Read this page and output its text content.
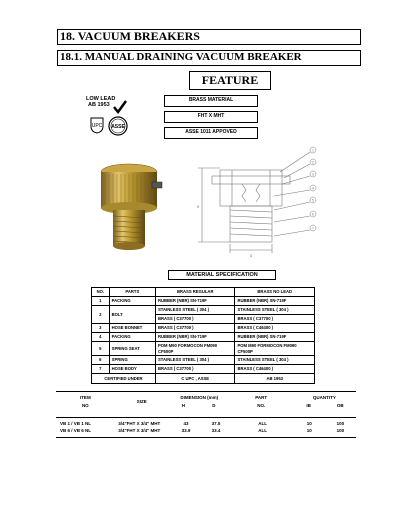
18. VACUUM BREAKERS
18.1. MANUAL DRAINING VACUUM BREAKER
FEATURE
BRASS MATERIAL
FHT X MHT
ASSE 1011 APPOVED
LOW LEAD
AB 1953
UPC ASSE
1
2
3
4
5
6
7
H
D
MATERIAL SPECIFICATION
NO.	PARTS	BRASS REGULAR	BRASS NO LEAD
1	PACKING	RUBBER (NBR) SN-719F	RUBBER (NBR) SN-719F
2	BOLT	STAINLESS STEEL ( 304 )	STAINLESS STEEL ( 304 )
		BRASS ( C37700 )	BRASS ( C37700 )
3	HOSE BONNET	BRASS ( C37700 )	BRASS ( C46400 )
4	PACKING	RUBBER (NBR) SN-719F	RUBBER (NBR) SN-719F
5	SPRING SEAT	POM M90 FORMOCON FM090 CF500P	POM M90 FORMOCON FM090 CF500P
6	SPRING	STAINLESS STEEL ( 304 )	STAINLESS STEEL ( 304 )
7	HOSE BODY	BRASS ( C37700 )	BRASS ( C46400 )
CERTIFIED UNDER		C UPC , ASSE	AB 1953
ITEM	SIZE	DIMENSION (mm)		PART	QUANTITY	
NO		H	D	NO.	IB	OB
VB 1 / VB 1 NL	3/4"FHT X 3/4" MHT	43	37.5	ALL	10	100
VB 6 / VB 6 NL	3/4"FHT X 3/4" MHT	33.9	33.4	ALL	10	100
